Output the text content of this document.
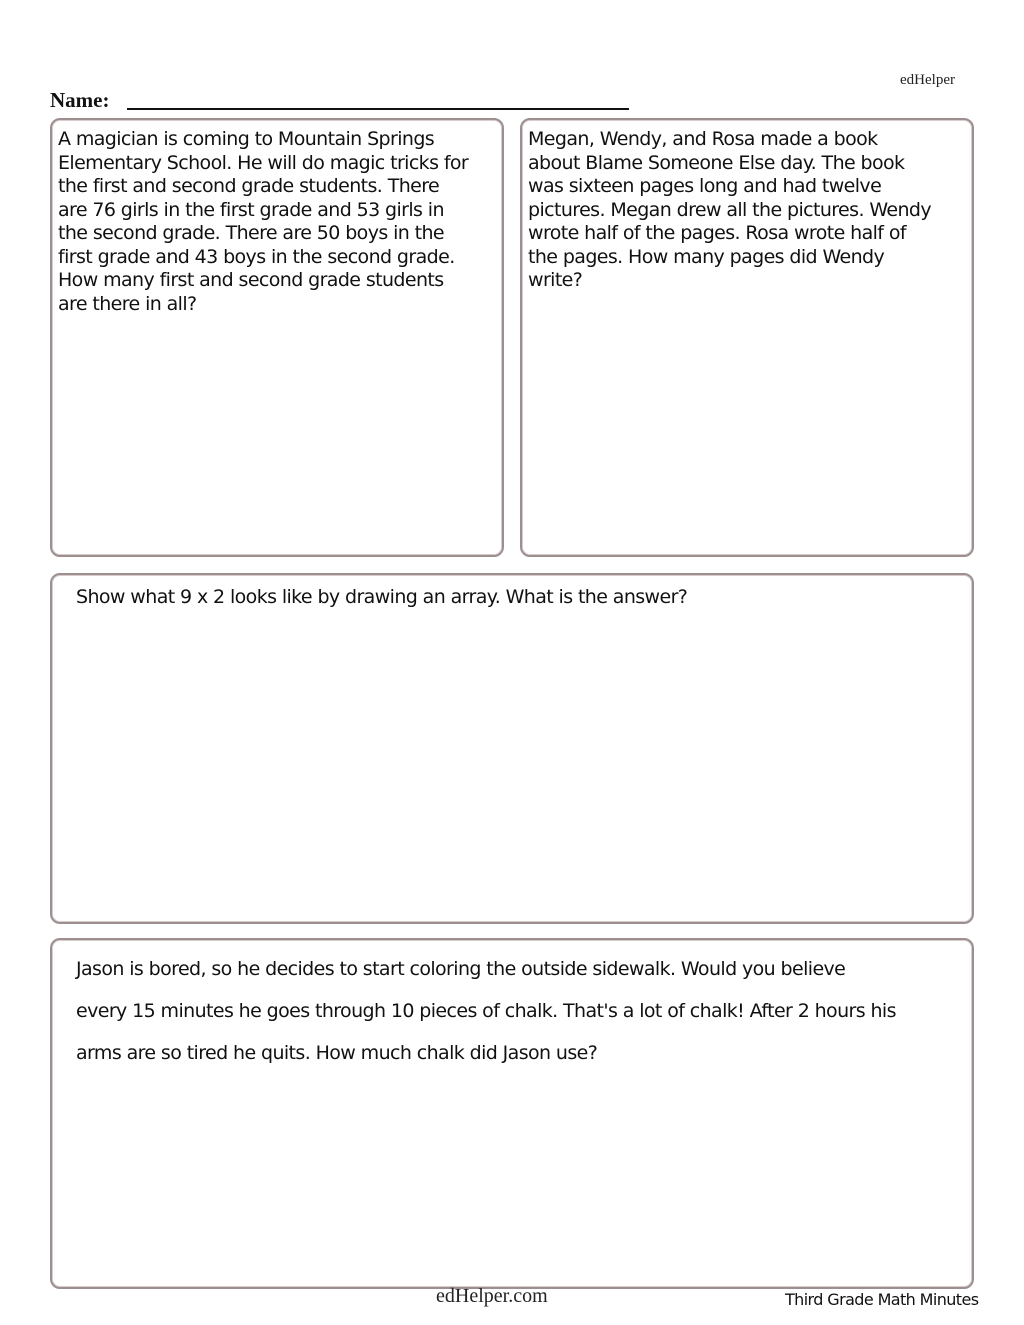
edHelper
Name:
A magician is coming to Mountain Springs
Elementary School. He will do magic tricks for
the first and second grade students. There
are 76 girls in the first grade and 53 girls in
the second grade. There are 50 boys in the
first grade and 43 boys in the second grade.
How many first and second grade students
are there in all?
Megan, Wendy, and Rosa made a book
about Blame Someone Else day. The book
was sixteen pages long and had twelve
pictures. Megan drew all the pictures. Wendy
wrote half of the pages. Rosa wrote half of
the pages. How many pages did Wendy
write?
Show what 9 x 2 looks like by drawing an array. What is the answer?
Jason is bored, so he decides to start coloring the outside sidewalk. Would you believe
every 15 minutes he goes through 10 pieces of chalk. That's a lot of chalk! After 2 hours his
arms are so tired he quits. How much chalk did Jason use?
edHelper.com	Third Grade Math Minutes
